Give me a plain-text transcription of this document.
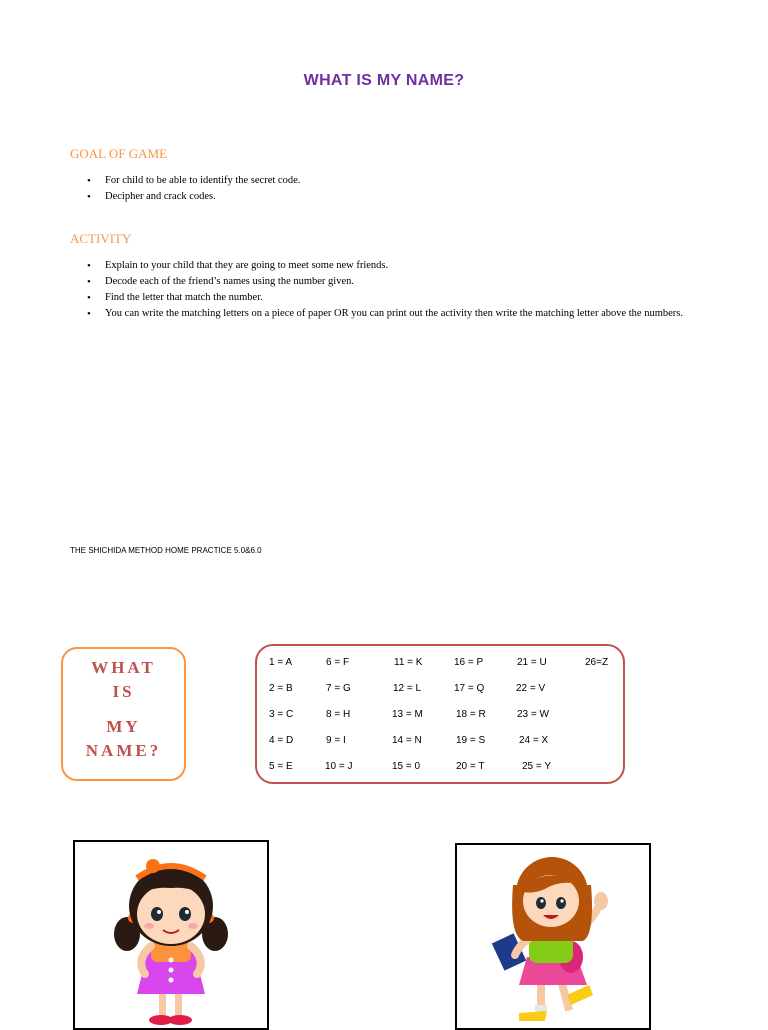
WHAT IS MY NAME?
GOAL OF GAME
• For child to be able to identify the secret code.
• Decipher and crack codes.
ACTIVITY
• Explain to your child that they are going to meet some new friends.
• Decode each of the friend’s names using the number given.
• Find the letter that match the number.
• You can write the matching letters on a piece of paper OR you can print out the activity then write the matching letter above the numbers.
THE SHICHIDA METHOD HOME PRACTICE 5.0&6.0
WHAT
IS
MY
NAME?
1 = A
2 = B
3 = C
4 = D
5 = E
6 = F
7 = G
8 = H
9 = I
10 = J
11 = K
12 = L
13 = M
14 = N
15 = 0
16 = P
17 = Q
18 = R
19 = S
20 = T
21 = U
22 = V
23 = W
24 = X
25 = Y
26=Z
